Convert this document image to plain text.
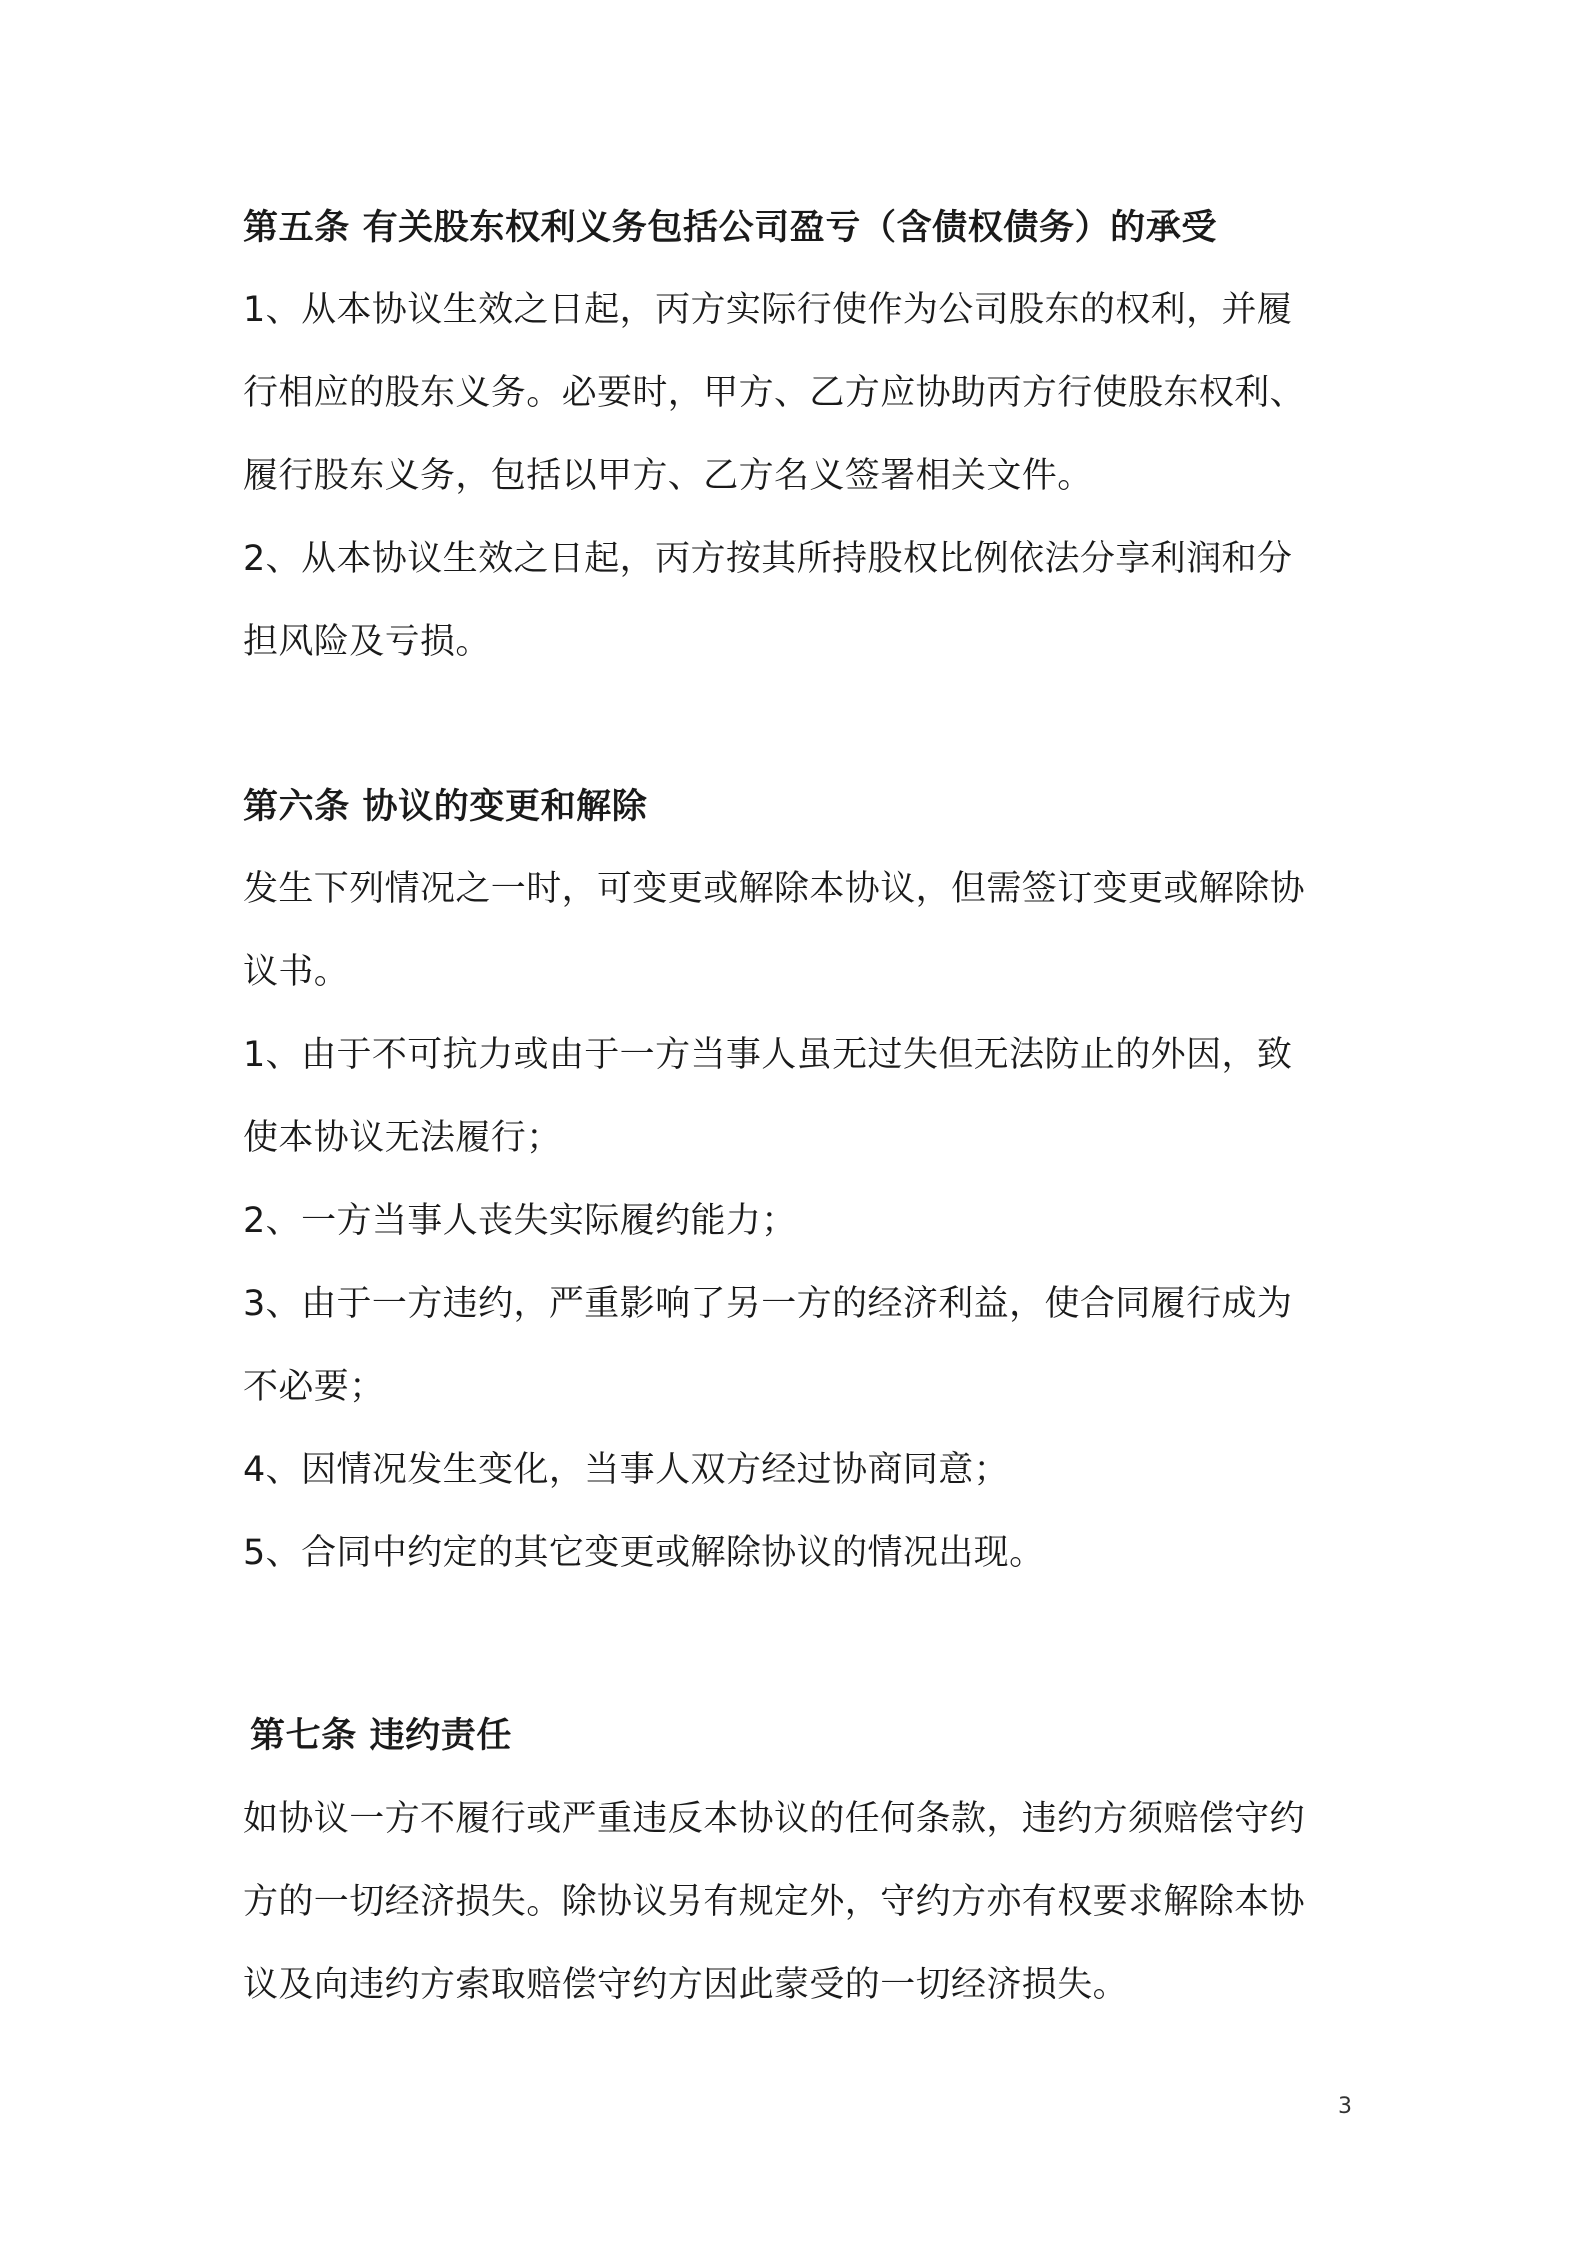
第五条 有关股东权利义务包括公司盈亏（含债权债务）的承受
1、从本协议生效之日起，丙方实际行使作为公司股东的权利，并履
行相应的股东义务。必要时，甲方、乙方应协助丙方行使股东权利、
履行股东义务，包括以甲方、乙方名义签署相关文件。
2、从本协议生效之日起，丙方按其所持股权比例依法分享利润和分
担风险及亏损。
第六条 协议的变更和解除
发生下列情况之一时，可变更或解除本协议，但需签订变更或解除协
议书。
1、由于不可抗力或由于一方当事人虽无过失但无法防止的外因，致
使本协议无法履行；
2、一方当事人丧失实际履约能力；
3、由于一方违约，严重影响了另一方的经济利益，使合同履行成为
不必要；
4、因情况发生变化，当事人双方经过协商同意；
5、合同中约定的其它变更或解除协议的情况出现。
第七条 违约责任
如协议一方不履行或严重违反本协议的任何条款，违约方须赔偿守约
方的一切经济损失。除协议另有规定外，守约方亦有权要求解除本协
议及向违约方索取赔偿守约方因此蒙受的一切经济损失。
3
